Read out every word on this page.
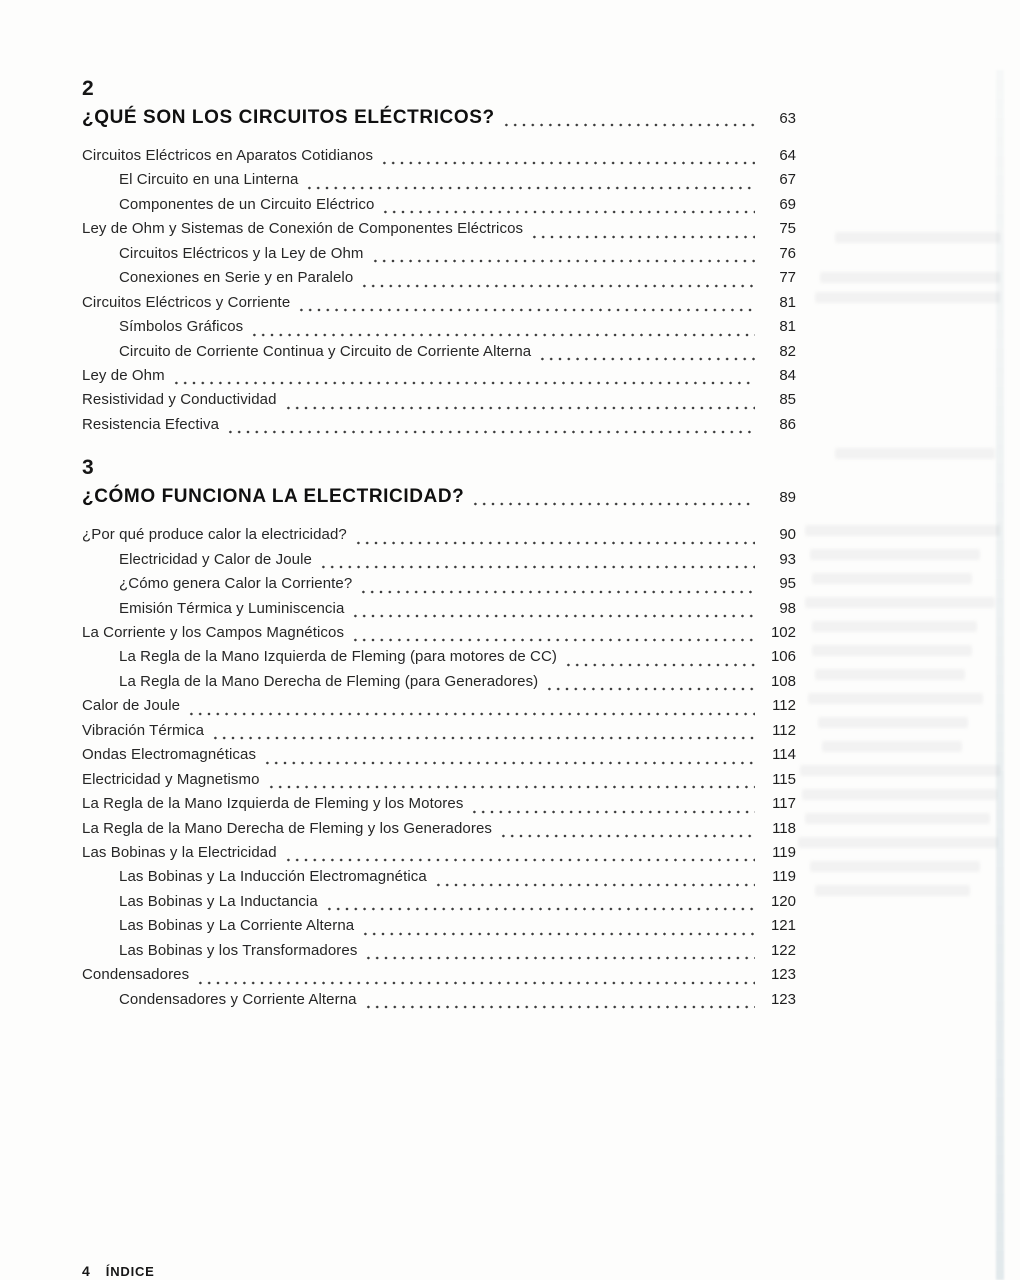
2
¿QUÉ SON LOS CIRCUITOS ELÉCTRICOS?	63
Circuitos Eléctricos en Aparatos Cotidianos	64
El Circuito en una Linterna	67
Componentes de un Circuito Eléctrico	69
Ley de Ohm y Sistemas de Conexión de Componentes Eléctricos	75
Circuitos Eléctricos y la Ley de Ohm	76
Conexiones en Serie y en Paralelo	77
Circuitos Eléctricos y Corriente	81
Símbolos Gráficos	81
Circuito de Corriente Continua y Circuito de Corriente Alterna	82
Ley de Ohm	84
Resistividad y Conductividad	85
Resistencia Efectiva	86
3
¿CÓMO FUNCIONA LA ELECTRICIDAD?	89
¿Por qué produce calor la electricidad?	90
Electricidad y Calor de Joule	93
¿Cómo genera Calor la Corriente?	95
Emisión Térmica y Luminiscencia	98
La Corriente y los Campos Magnéticos	102
La Regla de la Mano Izquierda de Fleming (para motores de CC)	106
La Regla de la Mano Derecha de Fleming (para Generadores)	108
Calor de Joule	112
Vibración Térmica	112
Ondas Electromagnéticas	114
Electricidad y Magnetismo	115
La Regla de la Mano Izquierda de Fleming y los Motores	117
La Regla de la Mano Derecha de Fleming y los Generadores	118
Las Bobinas y la Electricidad	119
Las Bobinas y La Inducción Electromagnética	119
Las Bobinas y La Inductancia	120
Las Bobinas y La Corriente Alterna	121
Las Bobinas y los Transformadores	122
Condensadores	123
Condensadores y Corriente Alterna	123
4 ÍNDICE
